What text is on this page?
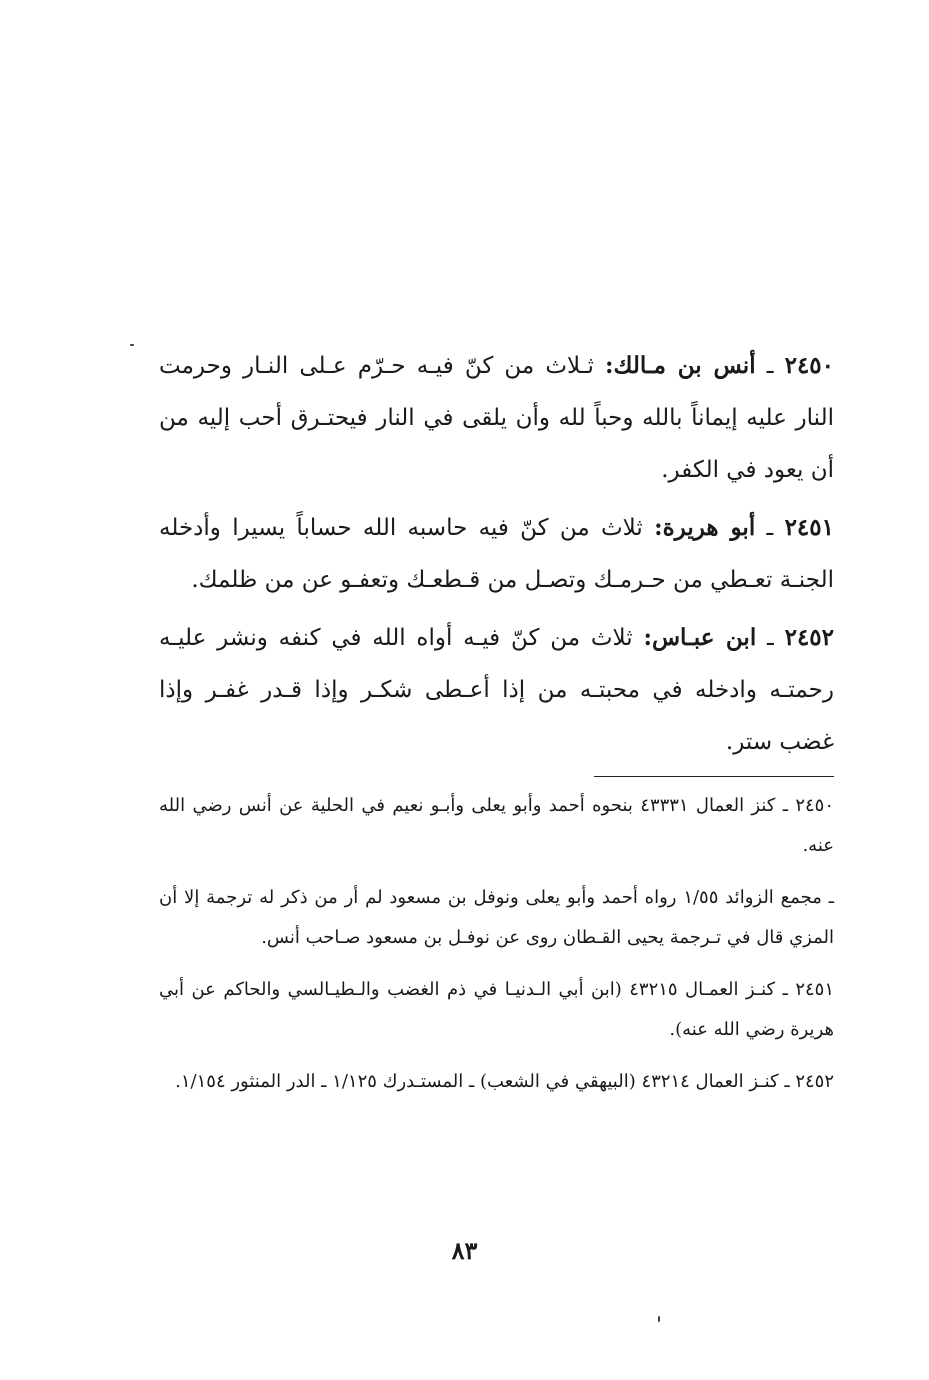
٢٤٥٠ ـ أنس بن مـالك: ثـلاث من كنّ فيـه حـرّم عـلى النـار وحرمت النار عليه إيماناً بالله وحباً لله وأن يلقى في النار فيحتـرق أحب إليه من أن يعود في الكفر.

٢٤٥١ ـ أبو هريرة: ثلاث من كنّ فيه حاسبه الله حساباً يسيرا وأدخله الجنـة تعـطي من حـرمـك وتصـل من قـطعـك وتعفـو عن من ظلمك.

٢٤٥٢ ـ ابن عبـاس: ثلاث من كنّ فيـه أواه الله في كنفه ونشر عليـه رحمتـه وادخله في محبتـه من إذا أعـطى شكـر وإذا قـدر غفـر وإذا غضب ستر.

٢٤٥٠ ـ كنز العمال ٤٣٣٣١ بنحوه أحمد وأبو يعلى وأبـو نعيم في الحلية عن أنس رضي الله عنه.

ـ مجمع الزوائد ١/٥٥ رواه أحمد وأبو يعلى ونوفل بن مسعود لم أر من ذكر له ترجمة إلا أن المزي قال في تـرجمة يحيى القـطان روى عن نوفـل بن مسعود صـاحب أنس.

٢٤٥١ ـ كنـز العمـال ٤٣٢١٥ (ابن أبي الـدنيـا في ذم الغضب والـطيـالسي والحاكم عن أبي هريرة رضي الله عنه).

٢٤٥٢ ـ كنـز العمال ٤٣٢١٤ (البيهقي في الشعب) ـ المستـدرك ١/١٢٥ ـ الدر المنثور ١/١٥٤.

٨٣
